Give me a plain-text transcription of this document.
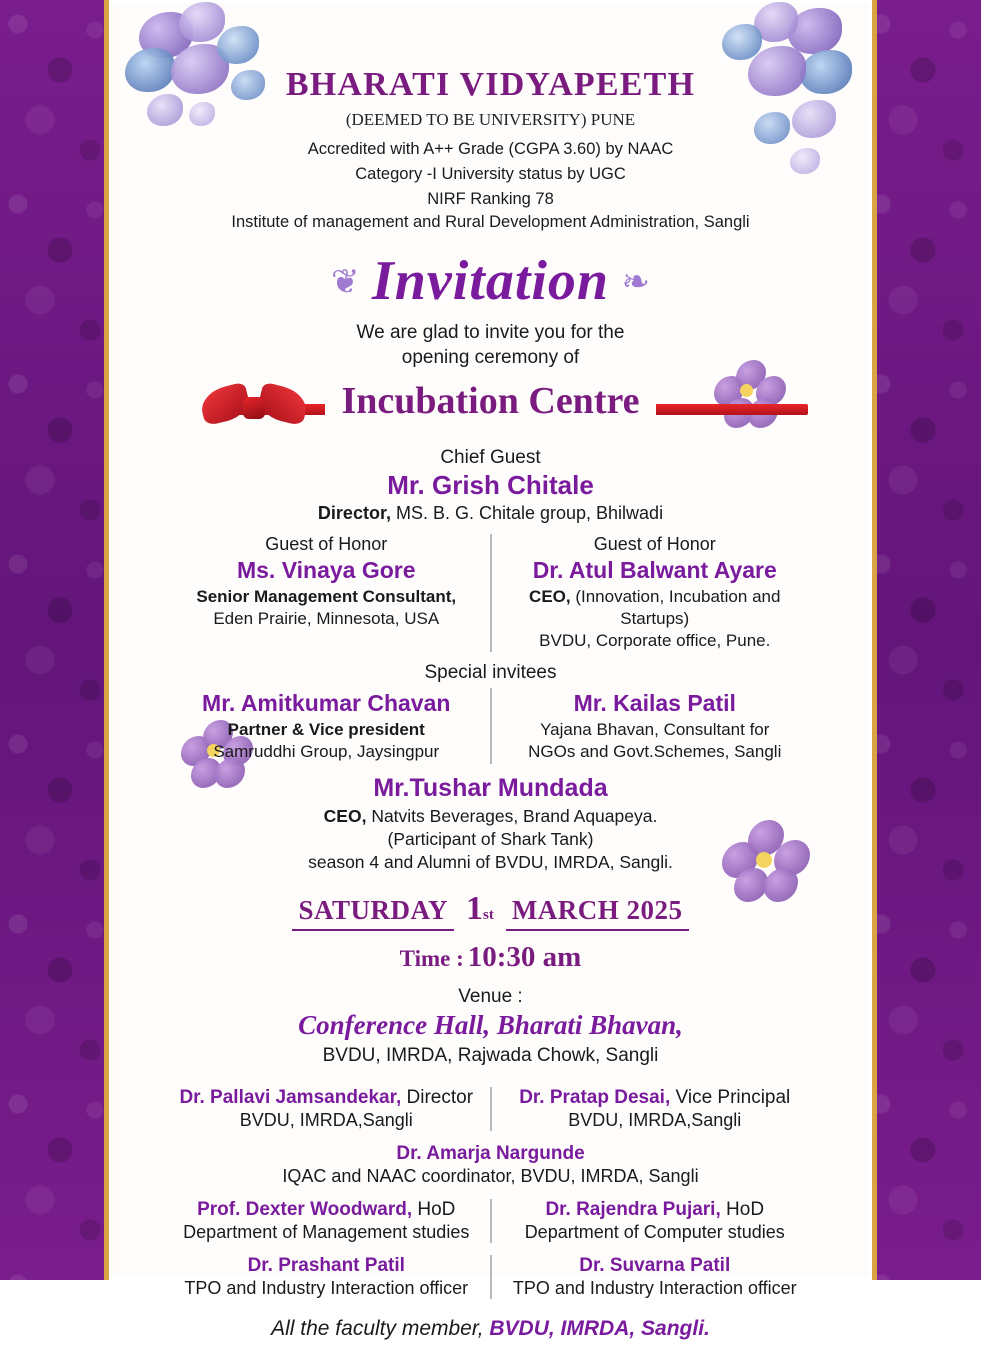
BHARATI VIDYAPEETH
(DEEMED TO BE UNIVERSITY) PUNE
Accredited with A++ Grade (CGPA 3.60) by NAAC
Category -I University status by UGC
NIRF Ranking 78
Institute of management and Rural Development Administration, Sangli
❦ Invitation ❧
We are glad to invite you for the
opening ceremony of
Incubation Centre
Chief Guest
Mr. Grish Chitale
Director, MS. B. G. Chitale group, Bhilwadi
Guest of Honor
Ms. Vinaya Gore
Senior Management Consultant,
Eden Prairie, Minnesota, USA
Guest of Honor
Dr. Atul Balwant Ayare
CEO, (Innovation, Incubation and Startups)
BVDU, Corporate office, Pune.
Special invitees
Mr. Amitkumar Chavan
Partner & Vice president
Samruddhi Group, Jaysingpur
Mr. Kailas Patil
Yajana Bhavan, Consultant for
NGOs and Govt.Schemes, Sangli
Mr.Tushar Mundada
CEO, Natvits Beverages, Brand Aquapeya.
(Participant of Shark Tank)
season 4 and Alumni of BVDU, IMRDA, Sangli.
SATURDAY 1st MARCH 2025
Time : 10:30 am
Venue :
Conference Hall, Bharati Bhavan,
BVDU, IMRDA, Rajwada Chowk, Sangli
Dr. Pallavi Jamsandekar, Director
BVDU, IMRDA,Sangli
Dr. Pratap Desai, Vice Principal
BVDU, IMRDA,Sangli
Dr. Amarja Nargunde
IQAC and NAAC coordinator, BVDU, IMRDA, Sangli
Prof. Dexter Woodward, HoD
Department of Management studies
Dr. Rajendra Pujari, HoD
Department of Computer studies
Dr. Prashant Patil
TPO and Industry Interaction officer
Dr. Suvarna Patil
TPO and Industry Interaction officer
All the faculty member, BVDU, IMRDA, Sangli.
